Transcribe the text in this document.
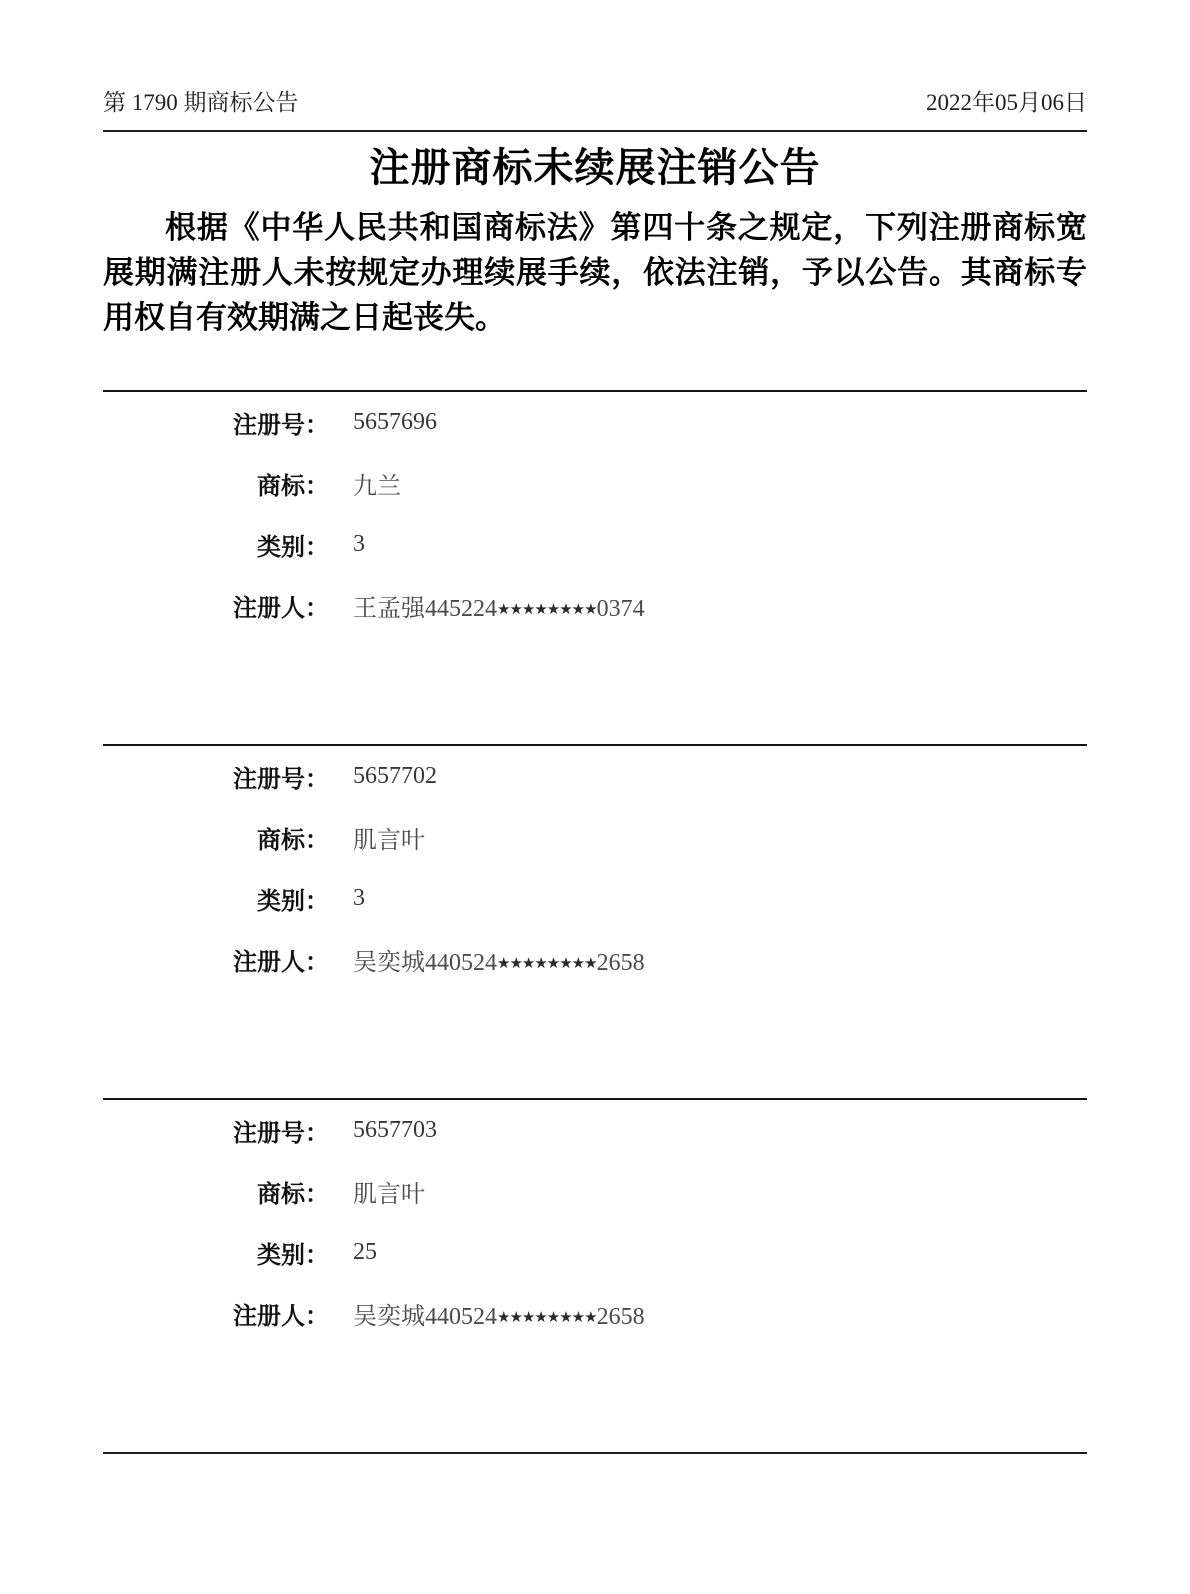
第 1790 期商标公告	2022年05月06日
注册商标未续展注销公告

根据《中华人民共和国商标法》第四十条之规定，下列注册商标宽展期满注册人未按规定办理续展手续，依法注销，予以公告。其商标专用权自有效期满之日起丧失。

注册号： 5657696
商标： 九兰
类别： 3
注册人： 王孟强445224★★★★★★★★0374
注册号： 5657702
商标： 肌言叶
类别： 3
注册人： 吴奕城440524★★★★★★★★2658
注册号： 5657703
商标： 肌言叶
类别： 25
注册人： 吴奕城440524★★★★★★★★2658
